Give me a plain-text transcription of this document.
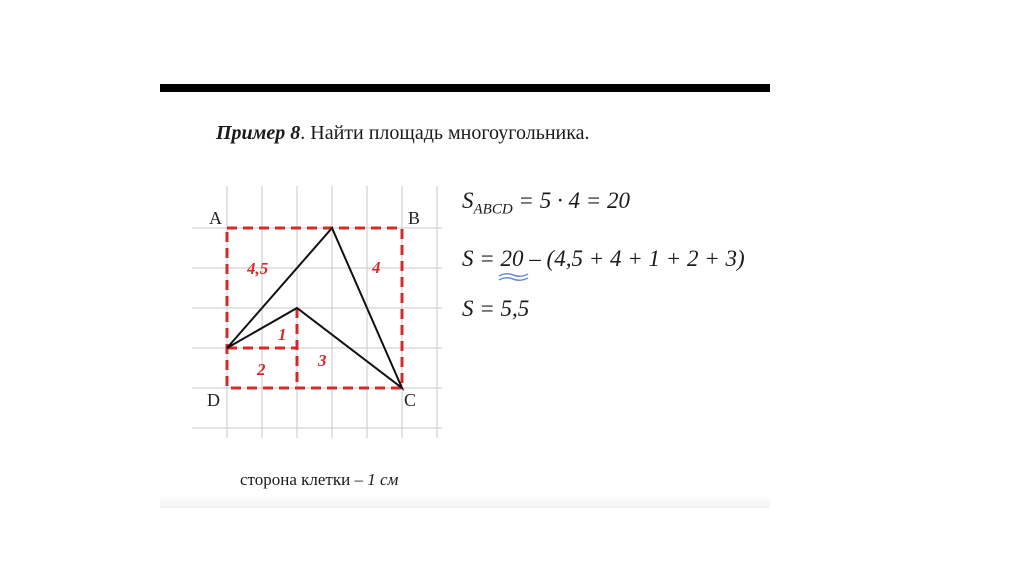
Пример 8. Найти площадь многоугольника.
A	B
C
D
4,5	4
1
2	3
$S_{ABCD} = 5 \cdot 4 = 20$
S = 20 – (4,5 + 4 + 1 + 2 + 3)
S = 5,5
сторона клетки – 1 см
